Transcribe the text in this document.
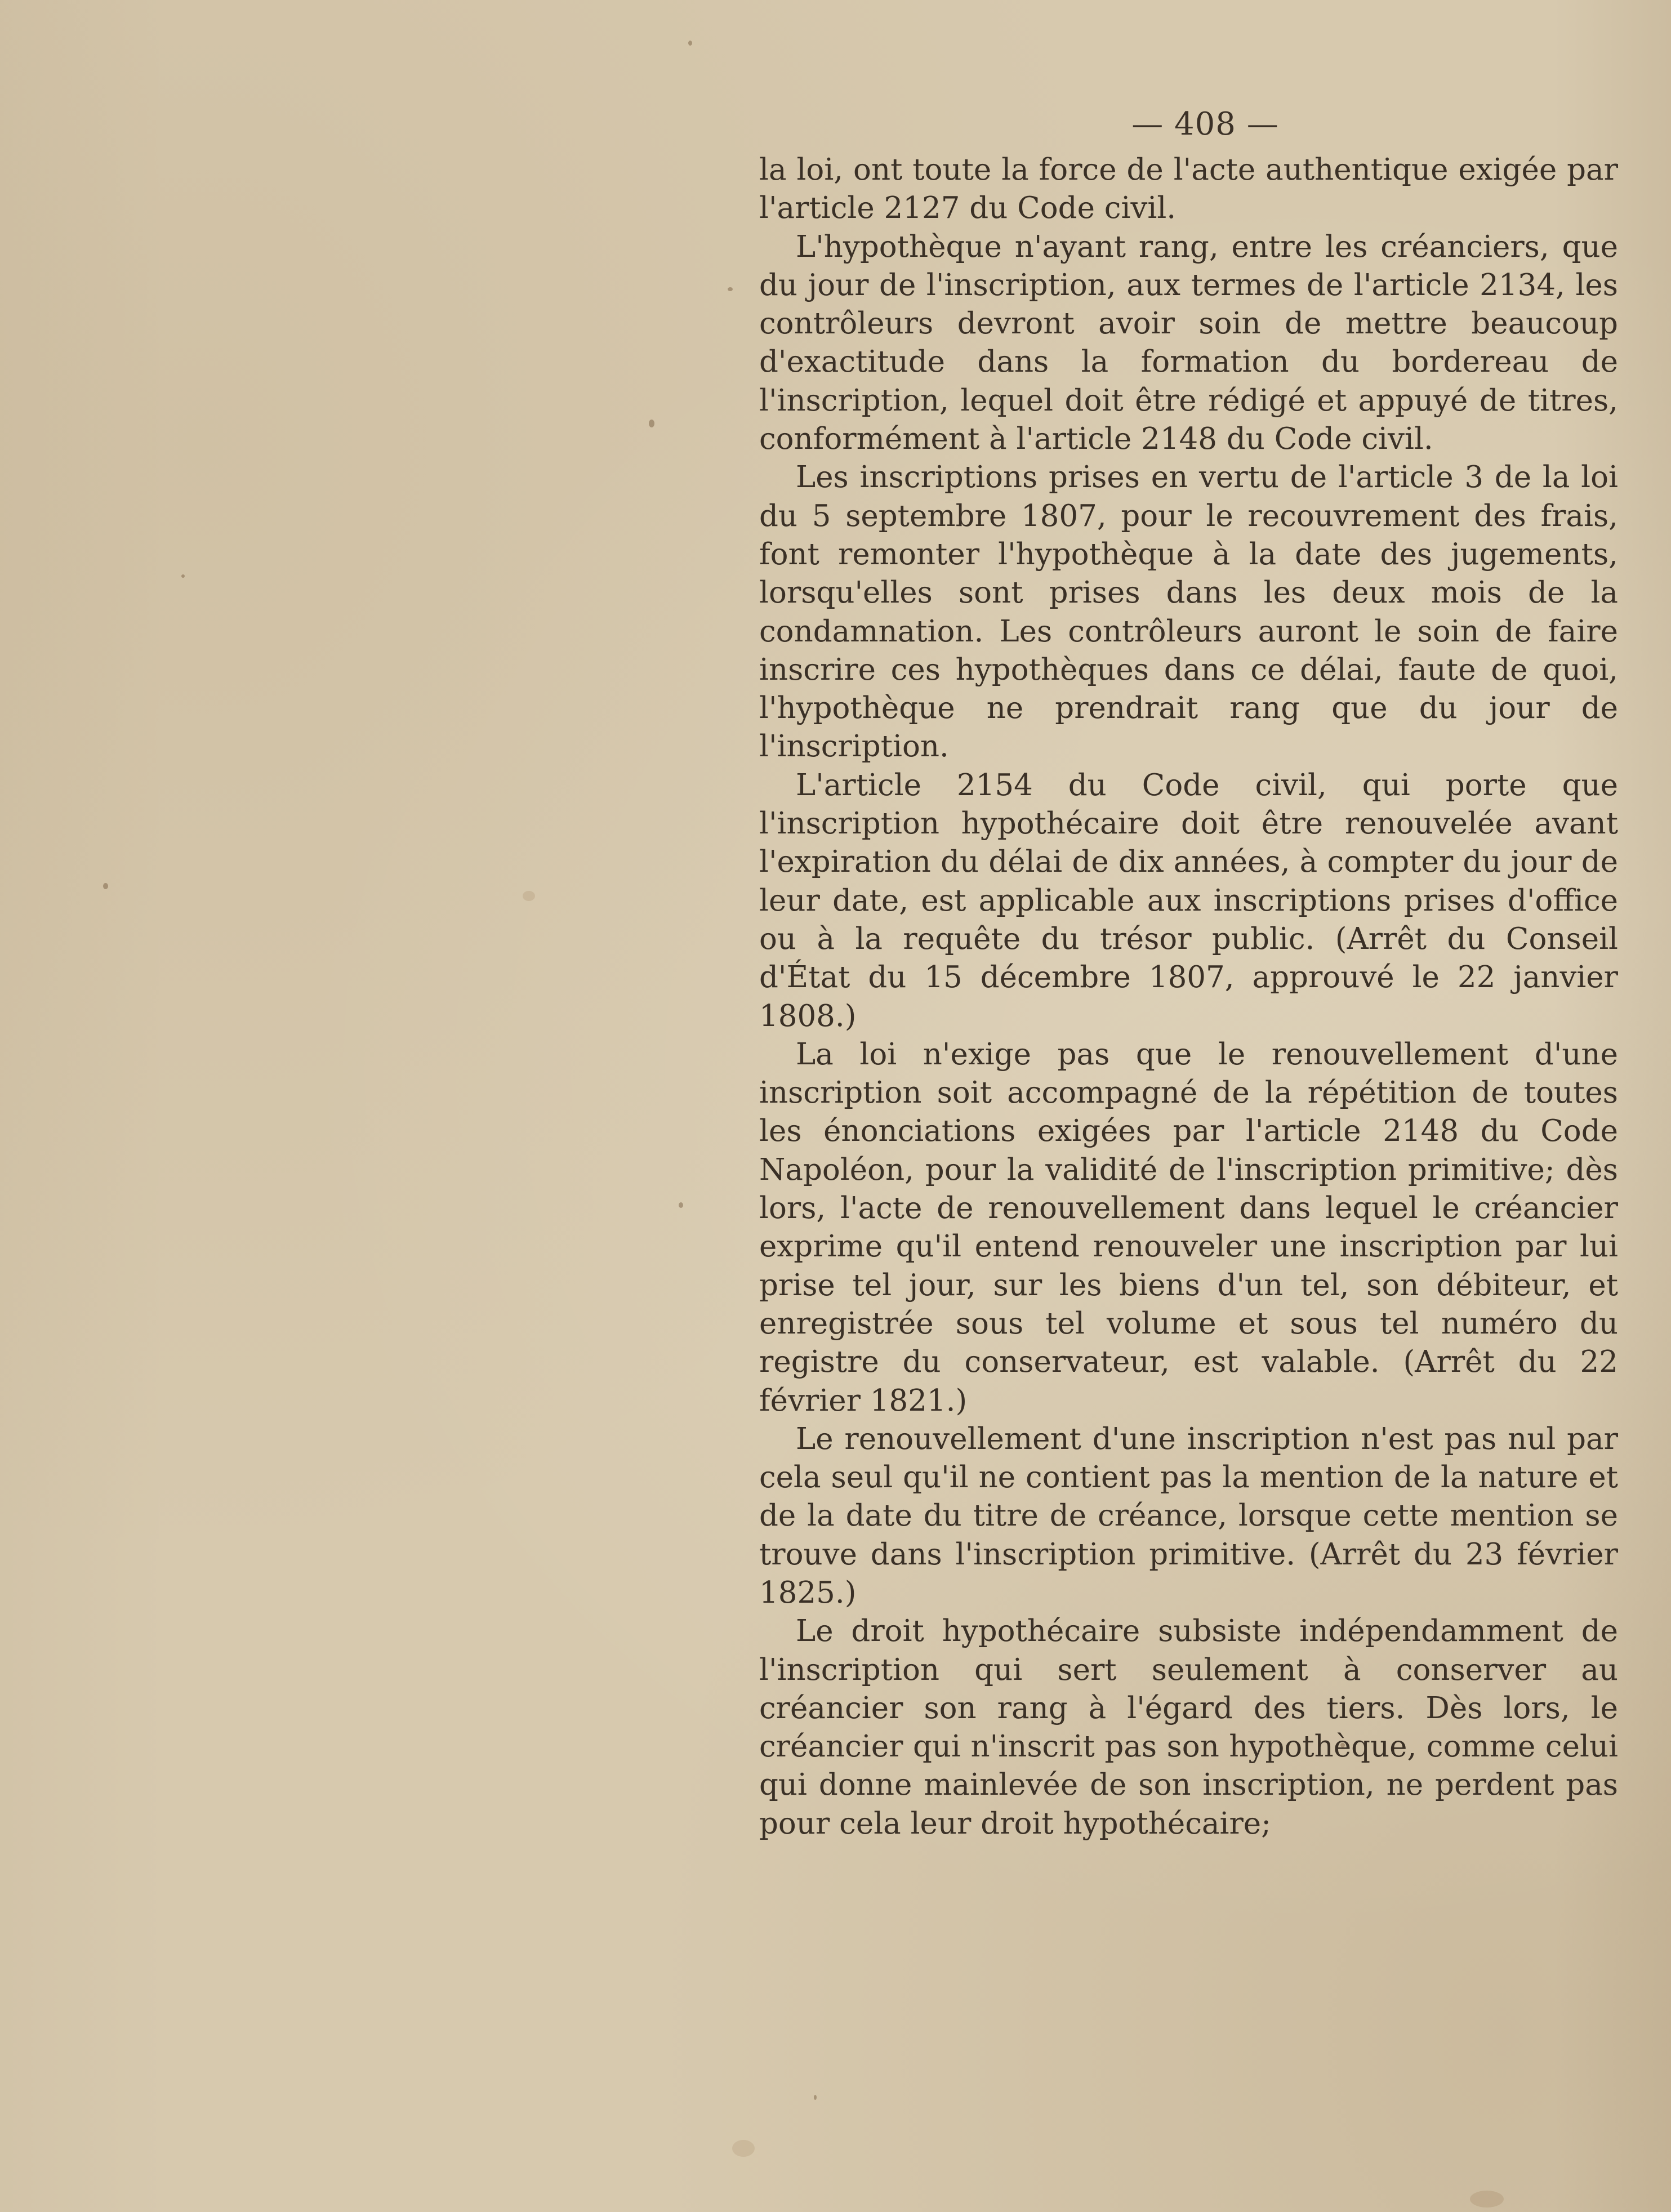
— 408 —

la loi, ont toute la force de l'acte authentique exigée par l'article 2127 du Code civil.

L'hypothèque n'ayant rang, entre les créanciers, que du jour de l'inscription, aux termes de l'article 2134, les contrôleurs devront avoir soin de mettre beaucoup d'exactitude dans la formation du bordereau de l'inscription, lequel doit être rédigé et appuyé de titres, conformément à l'article 2148 du Code civil.

Les inscriptions prises en vertu de l'article 3 de la loi du 5 septembre 1807, pour le recouvrement des frais, font remonter l'hypothèque à la date des jugements, lorsqu'elles sont prises dans les deux mois de la condamnation. Les contrôleurs auront le soin de faire inscrire ces hypothèques dans ce délai, faute de quoi, l'hypothèque ne prendrait rang que du jour de l'inscription.

L'article 2154 du Code civil, qui porte que l'inscription hypothécaire doit être renouvelée avant l'expiration du délai de dix années, à compter du jour de leur date, est applicable aux inscriptions prises d'office ou à la requête du trésor public. (Arrêt du Conseil d'État du 15 décembre 1807, approuvé le 22 janvier 1808.)

La loi n'exige pas que le renouvellement d'une inscription soit accompagné de la répétition de toutes les énonciations exigées par l'article 2148 du Code Napoléon, pour la validité de l'inscription primitive; dès lors, l'acte de renouvellement dans lequel le créancier exprime qu'il entend renouveler une inscription par lui prise tel jour, sur les biens d'un tel, son débiteur, et enregistrée sous tel volume et sous tel numéro du registre du conservateur, est valable. (Arrêt du 22 février 1821.)

Le renouvellement d'une inscription n'est pas nul par cela seul qu'il ne contient pas la mention de la nature et de la date du titre de créance, lorsque cette mention se trouve dans l'inscription primitive. (Arrêt du 23 février 1825.)

Le droit hypothécaire subsiste indépendamment de l'inscription qui sert seulement à conserver au créancier son rang à l'égard des tiers. Dès lors, le créancier qui n'inscrit pas son hypothèque, comme celui qui donne mainlevée de son inscription, ne perdent pas pour cela leur droit hypothécaire;
